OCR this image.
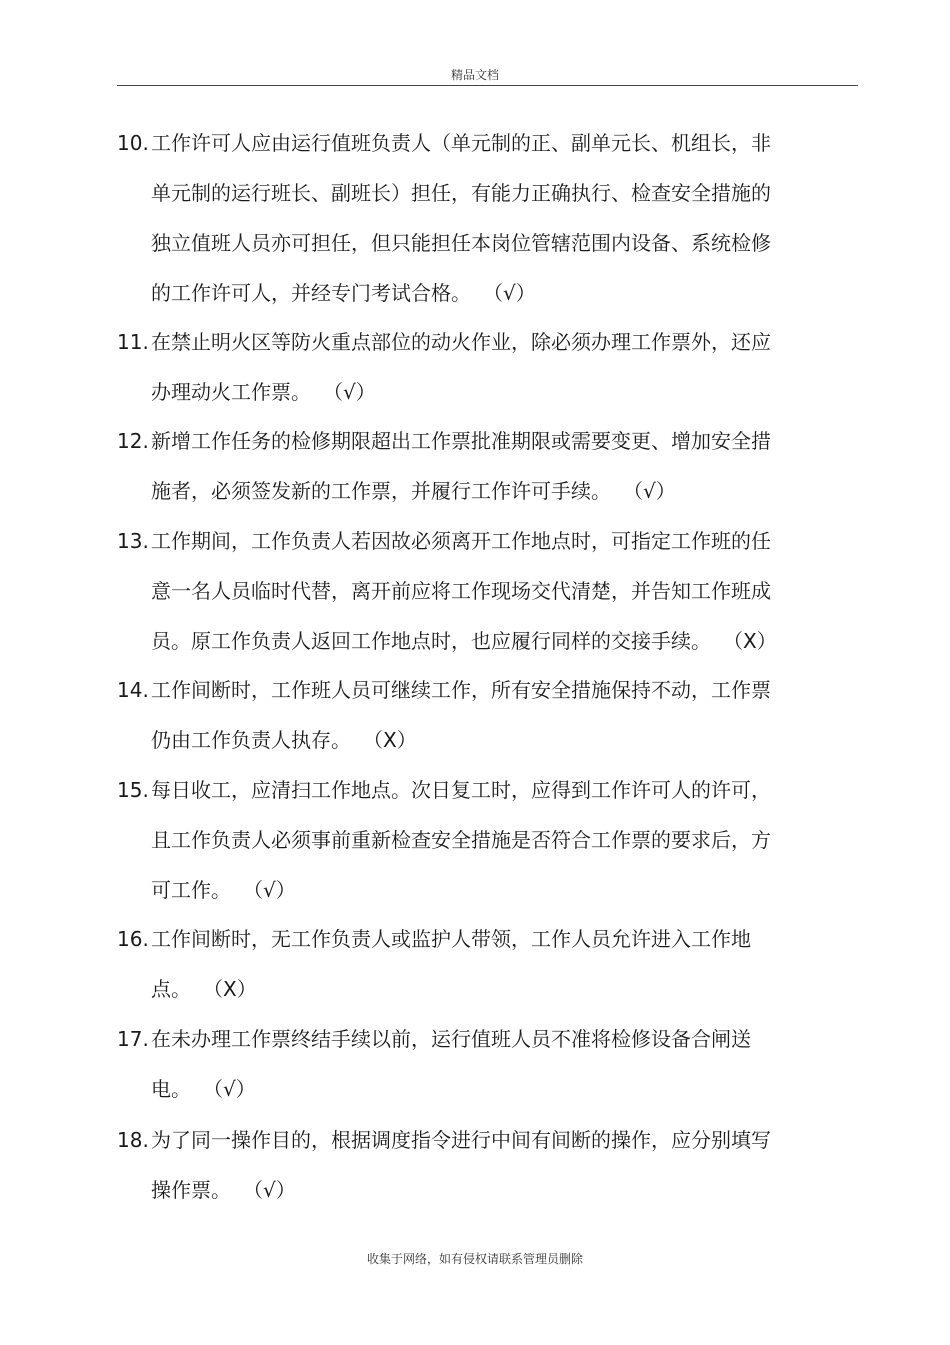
精品文档
10. 工作许可人应由运行值班负责人（单元制的正、副单元长、机组长，非
单元制的运行班长、副班长）担任，有能力正确执行、检查安全措施的
独立值班人员亦可担任，但只能担任本岗位管辖范围内设备、系统检修
的工作许可人，并经专门考试合格。 （√）
11. 在禁止明火区等防火重点部位的动火作业，除必须办理工作票外，还应
办理动火工作票。 （√）
12. 新增工作任务的检修期限超出工作票批准期限或需要变更、增加安全措
施者，必须签发新的工作票，并履行工作许可手续。 （√）
13. 工作期间，工作负责人若因故必须离开工作地点时，可指定工作班的任
意一名人员临时代替，离开前应将工作现场交代清楚，并告知工作班成
员。原工作负责人返回工作地点时，也应履行同样的交接手续。 （X）
14. 工作间断时，工作班人员可继续工作，所有安全措施保持不动，工作票
仍由工作负责人执存。 （X）
15. 每日收工，应清扫工作地点。次日复工时，应得到工作许可人的许可，
且工作负责人必须事前重新检查安全措施是否符合工作票的要求后，方
可工作。 （√）
16. 工作间断时，无工作负责人或监护人带领，工作人员允许进入工作地
点。 （X）
17. 在未办理工作票终结手续以前，运行值班人员不准将检修设备合闸送
电。 （√）
18. 为了同一操作目的，根据调度指令进行中间有间断的操作，应分别填写
操作票。 （√）
收集于网络，如有侵权请联系管理员删除
